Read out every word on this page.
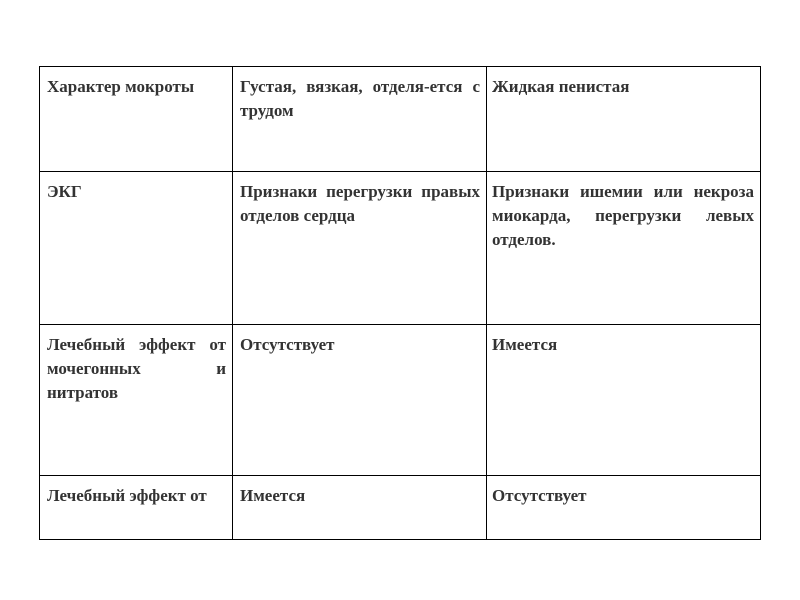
Характер мокроты	Густая, вязкая, отделя-ется с трудом	Жидкая пенистая
ЭКГ	Признаки перегрузки правых отделов сердца	Признаки ишемии или некроза миокарда, перегрузки левых отделов.
Лечебный эффект от мочегонных и нитратов	Отсутствует	Имеется
Лечебный эффект от	Имеется	Отсутствует
